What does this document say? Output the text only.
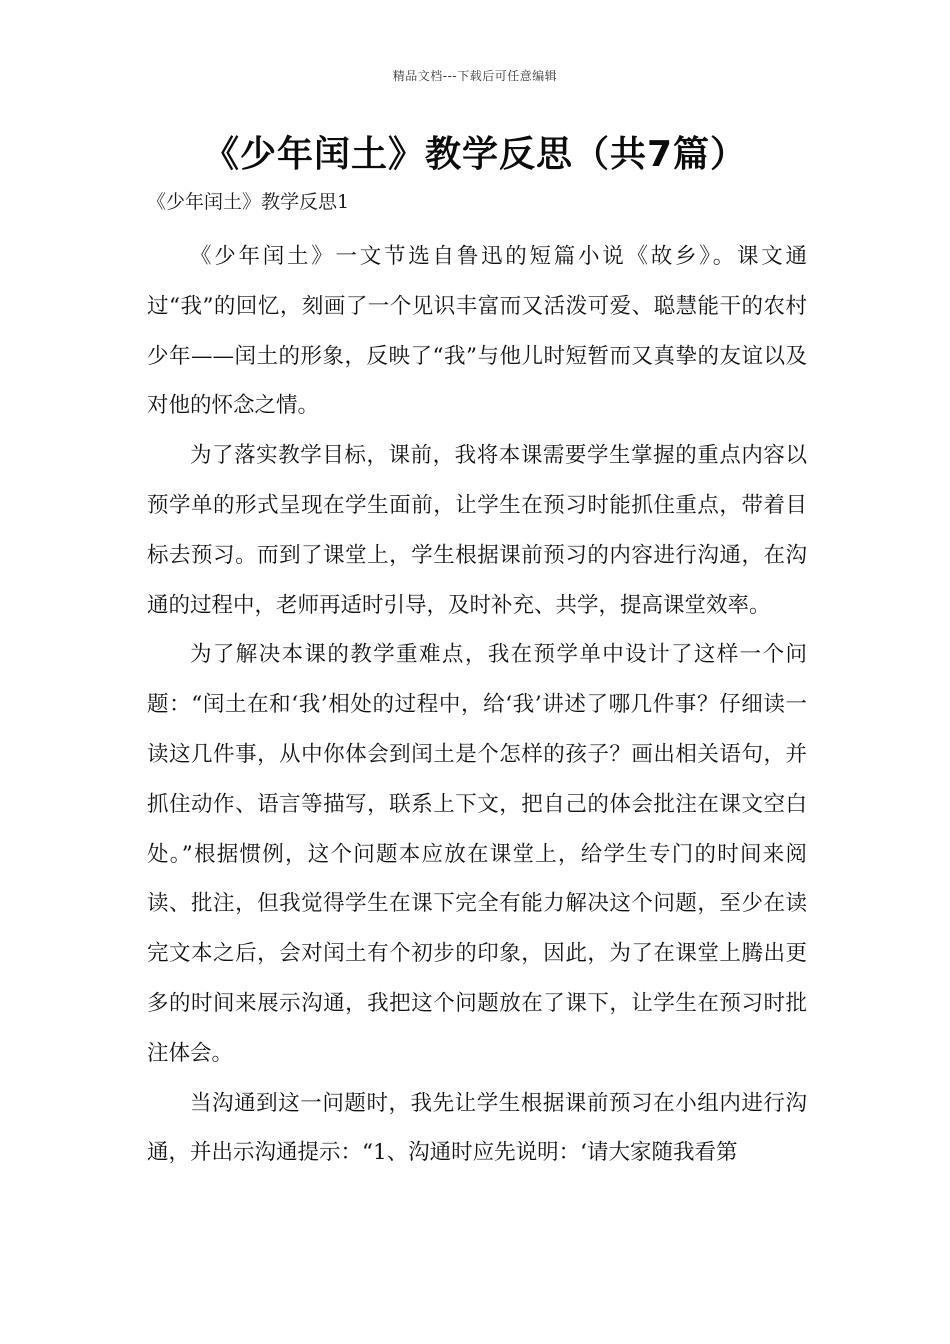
精品文档---下载后可任意编辑
《少年闰土》教学反思（共7篇）
《少年闰土》教学反思1

《少年闰土》一文节选自鲁迅的短篇小说《故乡》。课文通过“我”的回忆，刻画了一个见识丰富而又活泼可爱、聪慧能干的农村少年——闰土的形象，反映了“我”与他儿时短暂而又真挚的友谊以及对他的怀念之情。

为了落实教学目标，课前，我将本课需要学生掌握的重点内容以预学单的形式呈现在学生面前，让学生在预习时能抓住重点，带着目标去预习。而到了课堂上，学生根据课前预习的内容进行沟通，在沟通的过程中，老师再适时引导，及时补充、共学，提高课堂效率。

为了解决本课的教学重难点，我在预学单中设计了这样一个问题：“闰土在和‘我’相处的过程中，给‘我’讲述了哪几件事？仔细读一读这几件事，从中你体会到闰土是个怎样的孩子？画出相关语句，并抓住动作、语言等描写，联系上下文，把自己的体会批注在课文空白处。”根据惯例，这个问题本应放在课堂上，给学生专门的时间来阅读、批注，但我觉得学生在课下完全有能力解决这个问题，至少在读完文本之后，会对闰土有个初步的印象，因此，为了在课堂上腾出更多的时间来展示沟通，我把这个问题放在了课下，让学生在预习时批注体会。

当沟通到这一问题时，我先让学生根据课前预习在小组内进行沟通，并出示沟通提示：“1、沟通时应先说明：‘请大家随我看第
